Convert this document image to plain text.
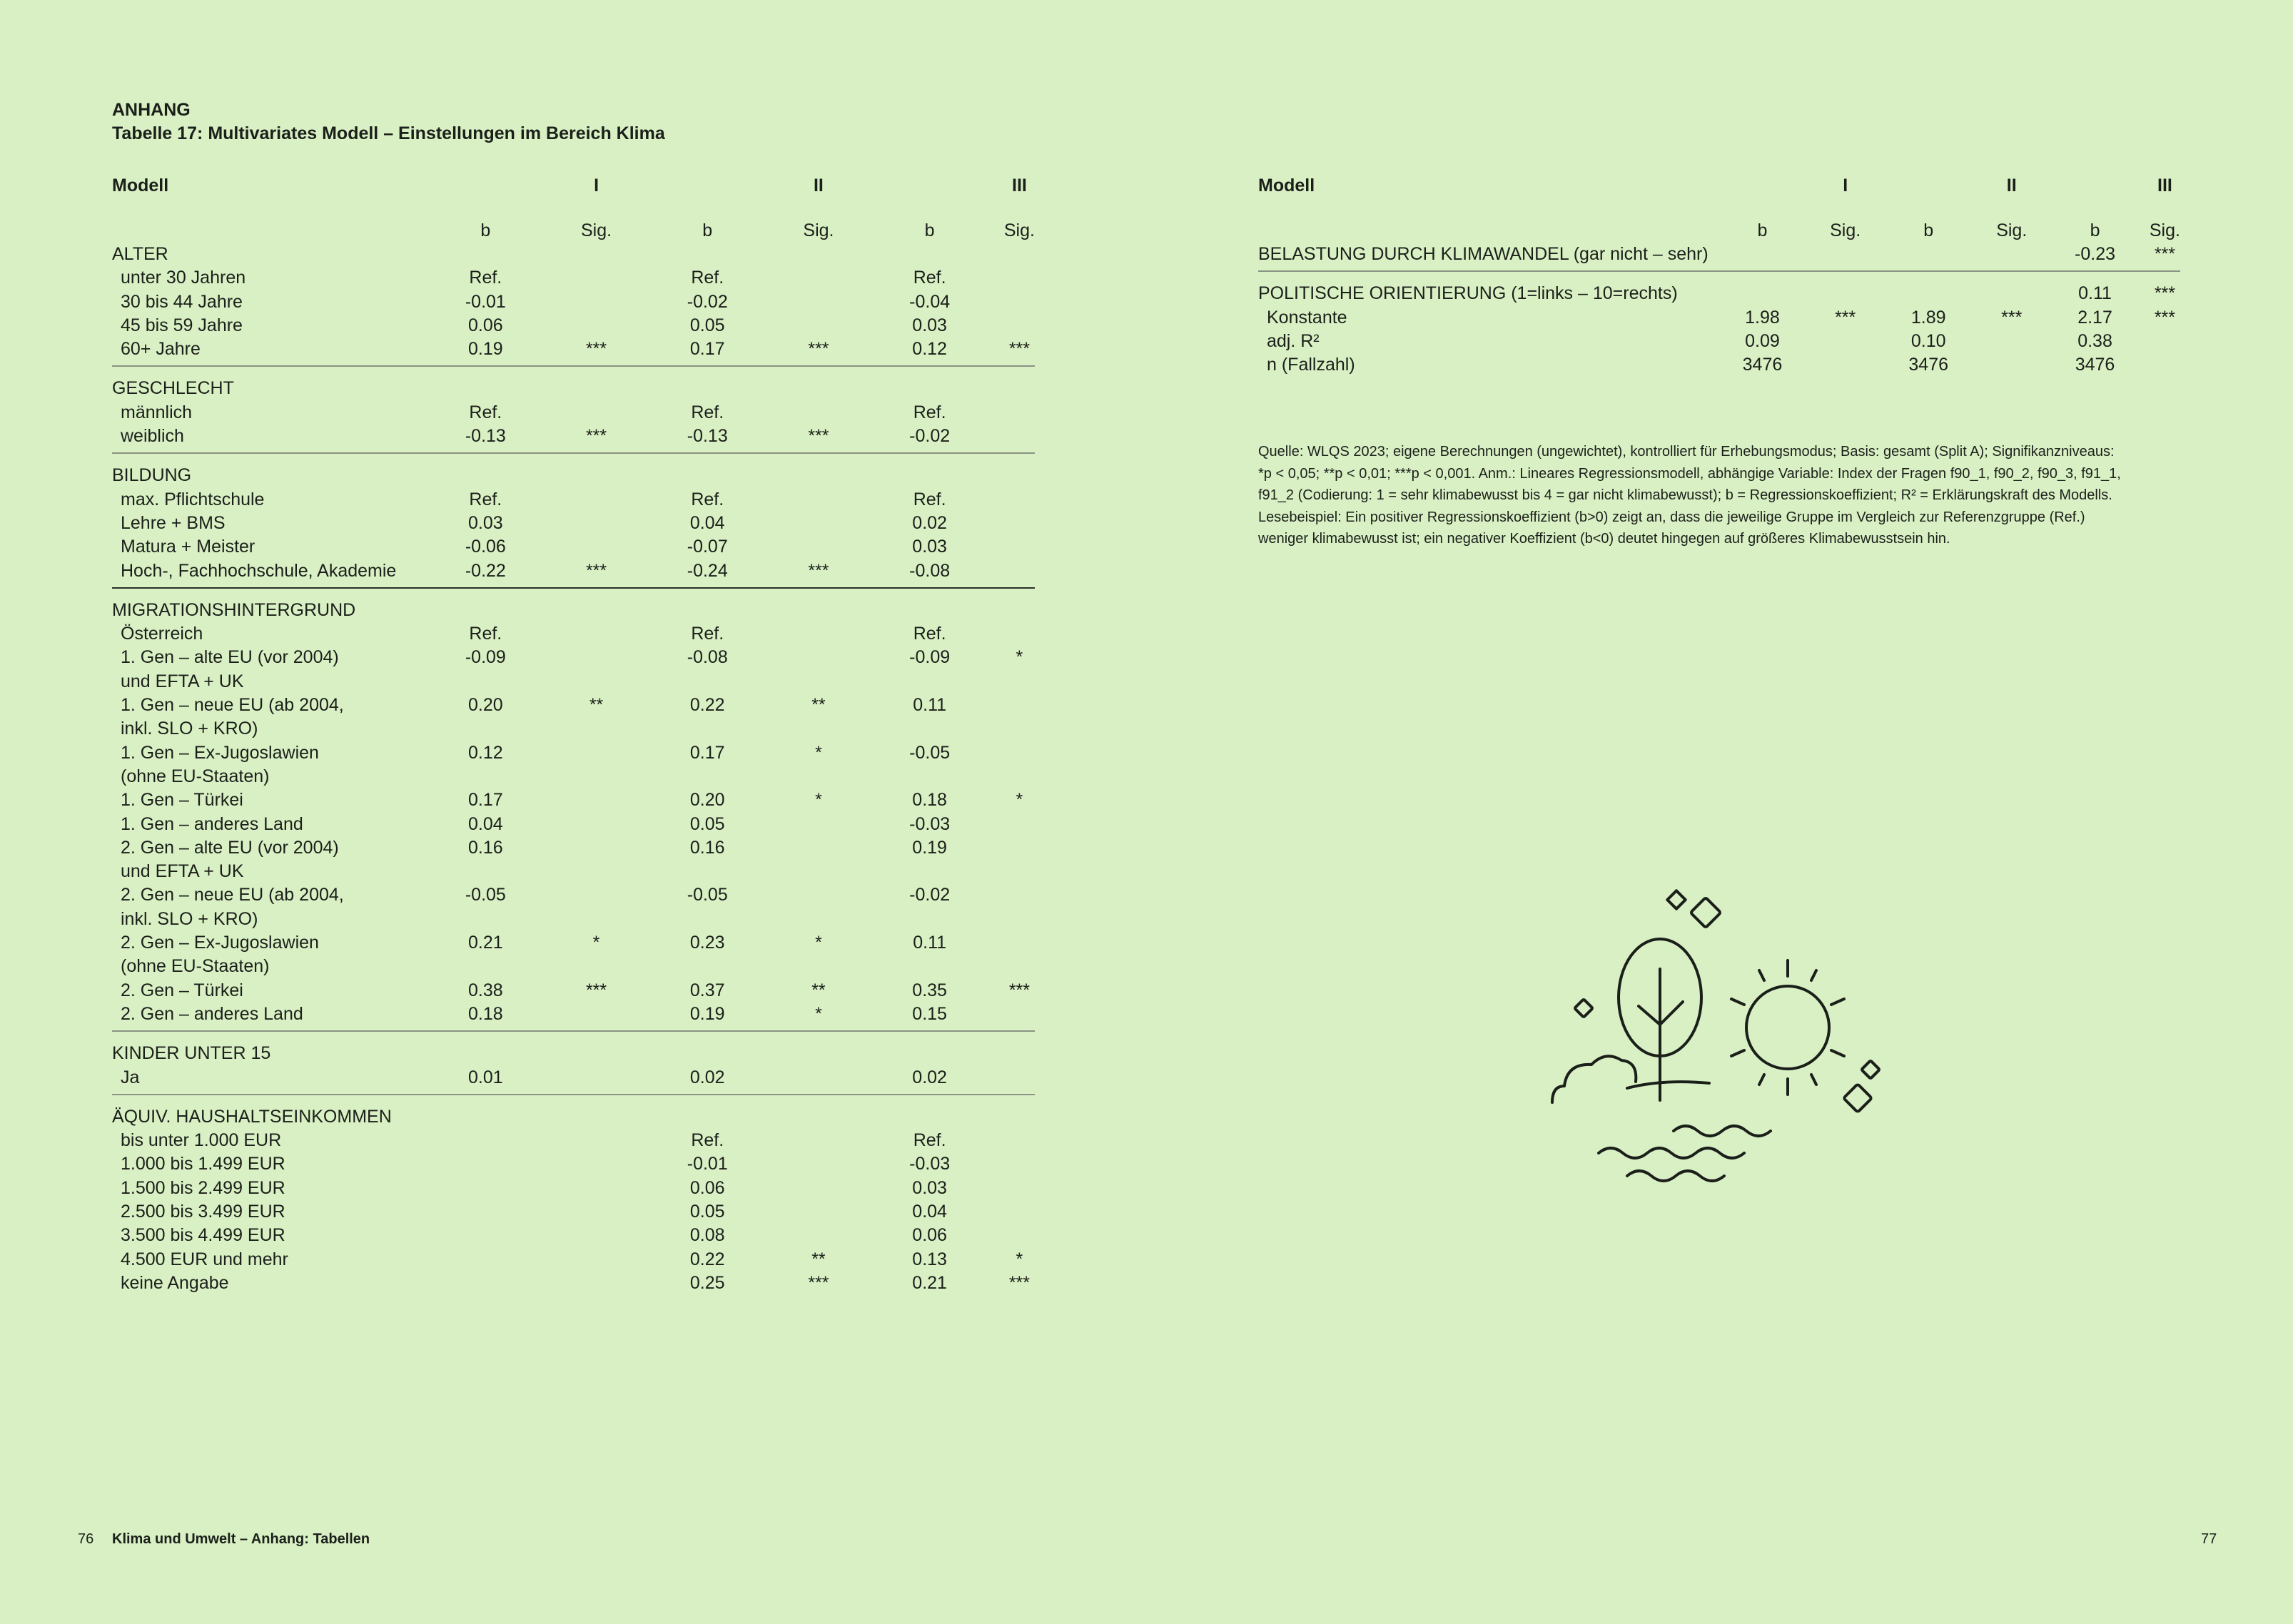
ANHANG
Tabelle 17: Multivariates Modell – Einstellungen im Bereich Klima
Modell		I		II		III
	b	Sig.	b	Sig.	b	Sig.
ALTER						

unter 30 Jahren	Ref.		Ref.		Ref.	

30 bis 44 Jahre	-0.01		-0.02		-0.04	

45 bis 59 Jahre	0.06		0.05		0.03	

60+ Jahre	0.19	***	0.17	***	0.12	***
GESCHLECHT						

männlich	Ref.		Ref.		Ref.	

weiblich	-0.13	***	-0.13	***	-0.02	
BILDUNG						

max. Pflichtschule	Ref.		Ref.		Ref.	

Lehre + BMS	0.03		0.04		0.02	

Matura + Meister	-0.06		-0.07		0.03	

Hoch-, Fachhochschule, Akademie	-0.22	***	-0.24	***	-0.08	
MIGRATIONSHINTERGRUND						

Österreich	Ref.		Ref.		Ref.	

1. Gen – alte EU (vor 2004)
und EFTA + UK	-0.09		-0.08		-0.09	*

1. Gen – neue EU (ab 2004,
inkl. SLO + KRO)	0.20	**	0.22	**	0.11	

1. Gen – Ex-Jugoslawien
(ohne EU-Staaten)	0.12		0.17	*	-0.05	

1. Gen – Türkei	0.17		0.20	*	0.18	*

1. Gen – anderes Land	0.04		0.05		-0.03	

2. Gen – alte EU (vor 2004)
und EFTA + UK	0.16		0.16		0.19	

2. Gen – neue EU (ab 2004,
inkl. SLO + KRO)	-0.05		-0.05		-0.02	

2. Gen – Ex-Jugoslawien
(ohne EU-Staaten)	0.21	*	0.23	*	0.11	

2. Gen – Türkei	0.38	***	0.37	**	0.35	***

2. Gen – anderes Land	0.18		0.19	*	0.15	
KINDER UNTER 15						

Ja	0.01		0.02		0.02	
ÄQUIV. HAUSHALTSEINKOMMEN						

bis unter 1.000 EUR			Ref.		Ref.	

1.000 bis 1.499 EUR			-0.01		-0.03	

1.500 bis 2.499 EUR			0.06		0.03	

2.500 bis 3.499 EUR			0.05		0.04	

3.500 bis 4.499 EUR			0.08		0.06	

4.500 EUR und mehr			0.22	**	0.13	*

keine Angabe			0.25	***	0.21	***
76 Klima und Umwelt – Anhang: Tabellen
Modell		I		II		III
	b	Sig.	b	Sig.	b	Sig.
BELASTUNG DURCH KLIMAWANDEL (gar nicht – sehr)					-0.23	***
POLITISCHE ORIENTIERUNG (1=links – 10=rechts)					0.11	***

Konstante	1.98	***	1.89	***	2.17	***

adj. R²	0.09		0.10		0.38	

n (Fallzahl)	3476		3476		3476	

Quelle: WLQS 2023; eigene Berechnungen (ungewichtet), kontrolliert für Erhebungsmodus; Basis: gesamt (Split A); Signifikanzniveaus:

*p < 0,05; **p < 0,01; ***p < 0,001. Anm.: Lineares Regressionsmodell, abhängige Variable: Index der Fragen f90_1, f90_2, f90_3, f91_1,

f91_2 (Codierung: 1 = sehr klimabewusst bis 4 = gar nicht klimabewusst); b = Regressionskoeffizient; R² = Erklärungskraft des Modells.

Lesebeispiel: Ein positiver Regressionskoeffizient (b>0) zeigt an, dass die jeweilige Gruppe im Vergleich zur Referenzgruppe (Ref.)

weniger klimabewusst ist; ein negativer Koeffizient (b<0) deutet hingegen auf größeres Klimabewusstsein hin.

77
